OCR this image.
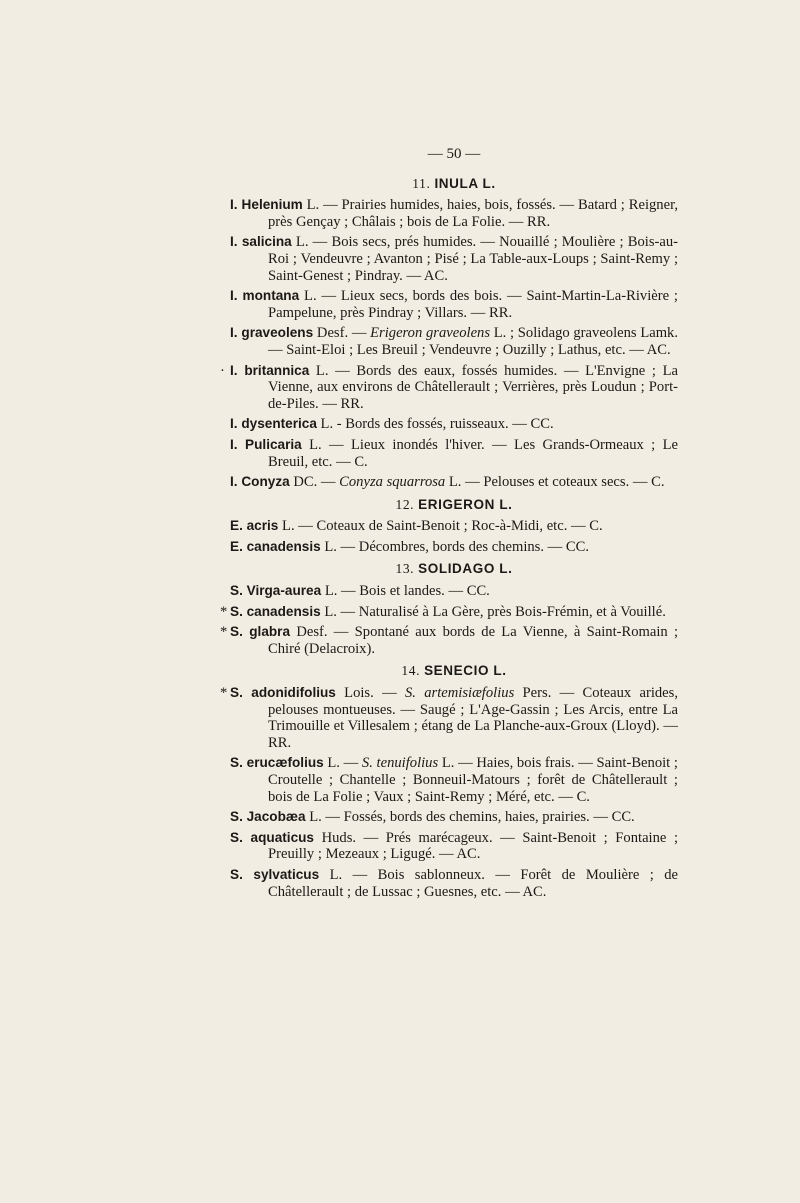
— 50 —
11. INULA L.
I. Helenium L. — Prairies humides, haies, bois, fossés. — Batard ; Reigner, près Gençay ; Châlais ; bois de La Folie. — RR.
I. salicina L. — Bois secs, prés humides. — Nouaillé ; Moulière ; Bois-au-Roi ; Vendeuvre ; Avanton ; Pisé ; La Table-aux-Loups ; Saint-Remy ; Saint-Genest ; Pindray. — AC.
I. montana L. — Lieux secs, bords des bois. — Saint-Martin-La-Rivière ; Pampelune, près Pindray ; Villars. — RR.
I. graveolens Desf. — Erigeron graveolens L. ; Solidago graveolens Lamk. — Saint-Eloi ; Les Breuil ; Vendeuvre ; Ouzilly ; Lathus, etc. — AC.
· I. britannica L. — Bords des eaux, fossés humides. — L'Envigne ; La Vienne, aux environs de Châtellerault ; Verrières, près Loudun ; Port-de-Piles. — RR.
I. dysenterica L. - Bords des fossés, ruisseaux. — CC.
I. Pulicaria L. — Lieux inondés l'hiver. — Les Grands-Ormeaux ; Le Breuil, etc. — C.
I. Conyza DC. — Conyza squarrosa L. — Pelouses et coteaux secs. — C.
12. ERIGERON L.
E. acris L. — Coteaux de Saint-Benoit ; Roc-à-Midi, etc. — C.
E. canadensis L. — Décombres, bords des chemins. — CC.
13. SOLIDAGO L.
S. Virga-aurea L. — Bois et landes. — CC.
* S. canadensis L. — Naturalisé à La Gère, près Bois-Frémin, et à Vouillé.
* S. glabra Desf. — Spontané aux bords de La Vienne, à Saint-Romain ; Chiré (Delacroix).
14. SENECIO L.
* S. adonidifolius Lois. — S. artemisiæfolius Pers. — Coteaux arides, pelouses montueuses. — Saugé ; L'Age-Gassin ; Les Arcis, entre La Trimouille et Villesalem ; étang de La Planche-aux-Groux (Lloyd). — RR.
S. erucæfolius L. — S. tenuifolius L. — Haies, bois frais. — Saint-Benoit ; Croutelle ; Chantelle ; Bonneuil-Matours ; forêt de Châtellerault ; bois de La Folie ; Vaux ; Saint-Remy ; Méré, etc. — C.
S. Jacobæa L. — Fossés, bords des chemins, haies, prairies. — CC.
S. aquaticus Huds. — Prés marécageux. — Saint-Benoit ; Fontaine ; Preuilly ; Mezeaux ; Ligugé. — AC.
S. sylvaticus L. — Bois sablonneux. — Forêt de Moulière ; de Châtellerault ; de Lussac ; Guesnes, etc. — AC.
